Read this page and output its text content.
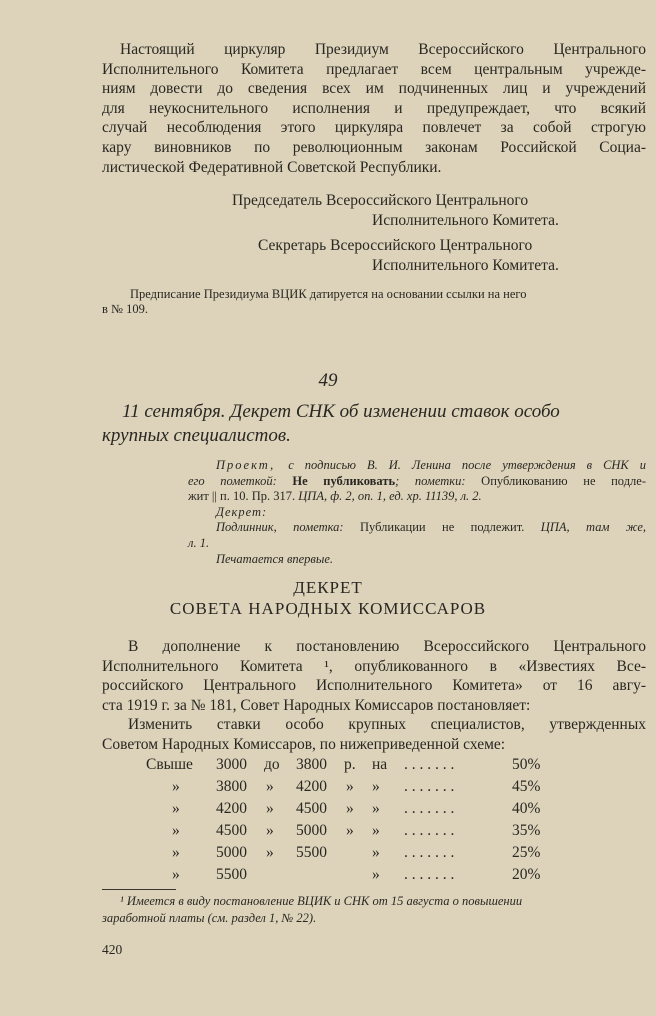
Настоящий циркуляр Президиум Всероссийского Центрального
Исполнительного Комитета предлагает всем центральным учрежде-
ниям довести до сведения всех им подчиненных лиц и учреждений
для неукоснительного исполнения и предупреждает, что всякий
случай несоблюдения этого циркуляра повлечет за собой строгую
кару виновников по революционным законам Российской Социа-
листической Федеративной Советской Республики.
Председатель Всероссийского Центрального
Исполнительного Комитета.
Секретарь Всероссийского Центрального
Исполнительного Комитета.
Предписание Президиума ВЦИК датируется на основании ссылки на него
в № 109.
49
11 сентября. Декрет СНК об изменении ставок особо
крупных специалистов.
Проект, с подписью В. И. Ленина после утверждения в СНК и
его пометкой: Не публиковать; пометки: Опубликованию не подле-
жит || п. 10. Пр. 317. ЦПА, ф. 2, оп. 1, ед. хр. 11139, л. 2.
Декрет:
Подлинник, пометка: Публикации не подлежит. ЦПА, там же,
л. 1.
Печатается впервые.
ДЕКРЕТ
СОВЕТА НАРОДНЫХ КОМИССАРОВ
В дополнение к постановлению Всероссийского Центрального
Исполнительного Комитета ¹, опубликованного в «Известиях Все-
российского Центрального Исполнительного Комитета» от 16 авгу-
ста 1919 г. за № 181, Совет Народных Комиссаров постановляет:
Изменить ставки особо крупных специалистов, утвержденных
Советом Народных Комиссаров, по нижеприведенной схеме:
Свыше 3000 до 3800 р. на . . . . . . .	50%
» 3800 » 4200 » » . . . . . . .	45%
» 4200 » 4500 » » . . . . . . .	40%
» 4500 » 5000 » » . . . . . . .	35%
» 5000 » 5500	» . . . . . . .	25%
» 5500	» . . . . . . .	20%
¹ Имеется в виду постановление ВЦИК и СНК от 15 августа о повышении
заработной платы (см. раздел 1, № 22).
420
